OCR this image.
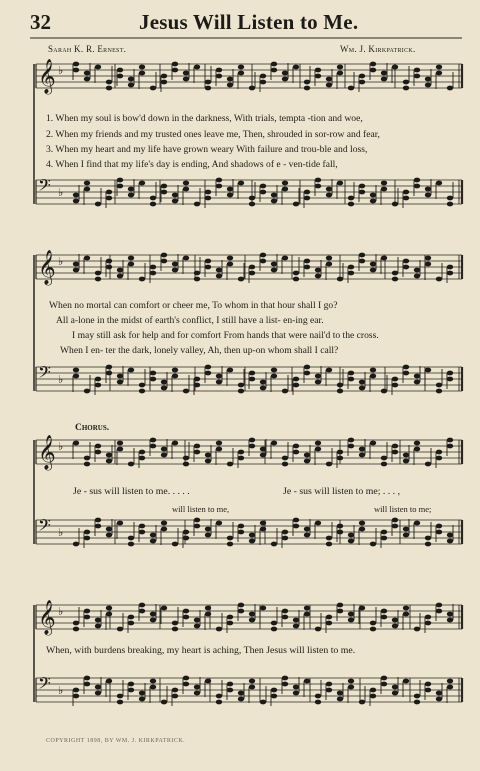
32	Jesus Will Listen to Me.
Sarah K. R. Ernest.	Wm. J. Kirkpatrick.
𝄞 ♭
𝄢 ♭
𝄞 ♭
𝄢 ♭
𝄞 ♭
𝄢 ♭
𝄞 ♭
𝄢 ♭
1. When my soul is bow'd down in the darkness, With trials, tempta -tion and woe,
2. When my friends and my trusted ones leave me, Then, shrouded in sor-row and fear,
3. When my heart and my life have grown weary With failure and trou-ble and loss,
4. When I find that my life's day is ending, And shadows of e - ven-tide fall,
When no mortal can comfort or cheer me, To whom in that hour shall I go?
All a-lone in the midst of earth's conflict, I still have a list- en-ing ear.
I may still ask for help and for comfort From hands that were nail'd to the cross.
When I en- ter the dark, lonely valley, Ah, then up-on whom shall I call?
Chorus.
Je - sus will listen to me. . . . .	Je - sus will listen to me; . . . ,
will listen to me,	will listen to me;
When, with burdens breaking, my heart is aching, Then Jesus will listen to me.
COPYRIGHT 1898, BY WM. J. KIRKPATRICK.
